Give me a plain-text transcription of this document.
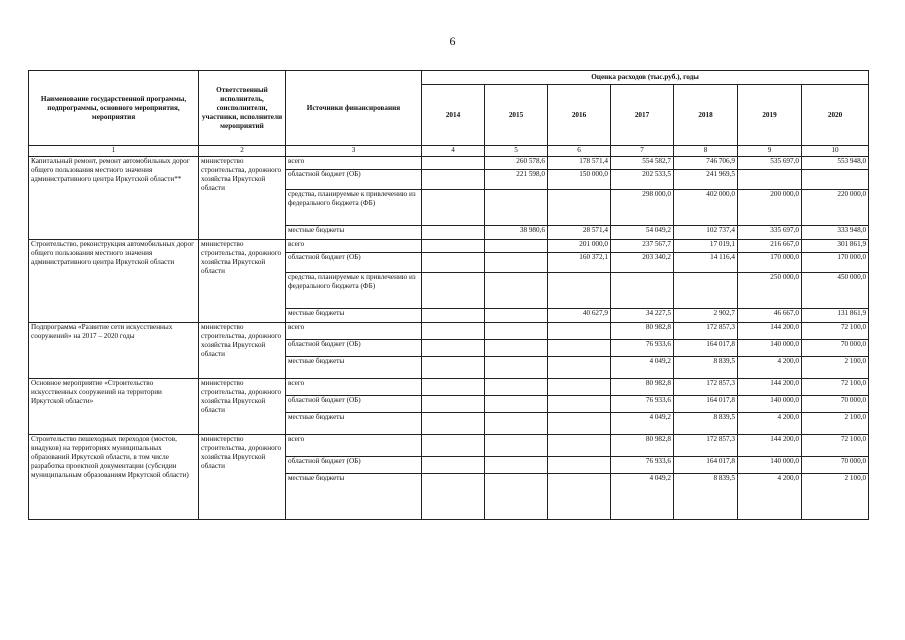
6
Наименование государственной программы, подпрограммы, основного мероприятия, мероприятия	Ответственный исполнитель, соисполнители, участники, исполнители мероприятий	Источники финансирования	Оценка расходов (тыс.руб.), годы						
			2014	2015	2016	2017	2018	2019	2020
1	2	3	4	5	6	7	8	9	10
Капитальный ремонт, ремонт автомобильных дорог общего пользования местного значения административного центра Иркутской области**	министерство строительства, дорожного хозяйства Иркутской области	всего		260 578,6	178 571,4	554 582,7	746 706,9	535 697,0	553 948,0
		областной бюджет (ОБ)		221 598,0	150 000,0	202 533,5	241 969,5		
		средства, планируемые к привлечению из федерального бюджета (ФБ)				298 000,0	402 000,0	200 000,0	220 000,0
		местные бюджеты		38 980,6	28 571,4	54 049,2	102 737,4	335 697,0	333 948,0
Строительство, реконструкция автомобильных дорог общего пользования местного значения административного центра Иркутской области	министерство строительства, дорожного хозяйства Иркутской области	всего			201 000,0	237 567,7	17 019,1	216 667,0	301 861,9
		областной бюджет (ОБ)			160 372,1	203 340,2	14 116,4	170 000,0	170 000,0
		средства, планируемые к привлечению из федерального бюджета (ФБ)						250 000,0	450 000,0
		местные бюджеты			40 627,9	34 227,5	2 902,7	46 667,0	131 861,9
Подпрограмма «Развитие сети искусственных сооружений» на 2017 – 2020 годы	министерство строительства, дорожного хозяйства Иркутской области	всего				80 982,8	172 857,3	144 200,0	72 100,0
		областной бюджет (ОБ)				76 933,6	164 017,8	140 000,0	70 000,0
		местные бюджеты				4 049,2	8 839,5	4 200,0	2 100,0
Основное мероприятие «Строительство искусственных сооружений на территории Иркутской области»	министерство строительства, дорожного хозяйства Иркутской области	всего				80 982,8	172 857,3	144 200,0	72 100,0
		областной бюджет (ОБ)				76 933,6	164 017,8	140 000,0	70 000,0
		местные бюджеты				4 049,2	8 839,5	4 200,0	2 100,0
Строительство пешеходных переходов (мостов, виадуков) на территориях муниципальных образований Иркутской области, в том числе разработка проектной документации (субсидии муниципальным образованиям Иркутской области)	министерство строительства, дорожного хозяйства Иркутской области	всего				80 982,8	172 857,3	144 200,0	72 100,0
		областной бюджет (ОБ)				76 933,6	164 017,8	140 000,0	70 000,0
		местные бюджеты				4 049,2	8 839,5	4 200,0	2 100,0
